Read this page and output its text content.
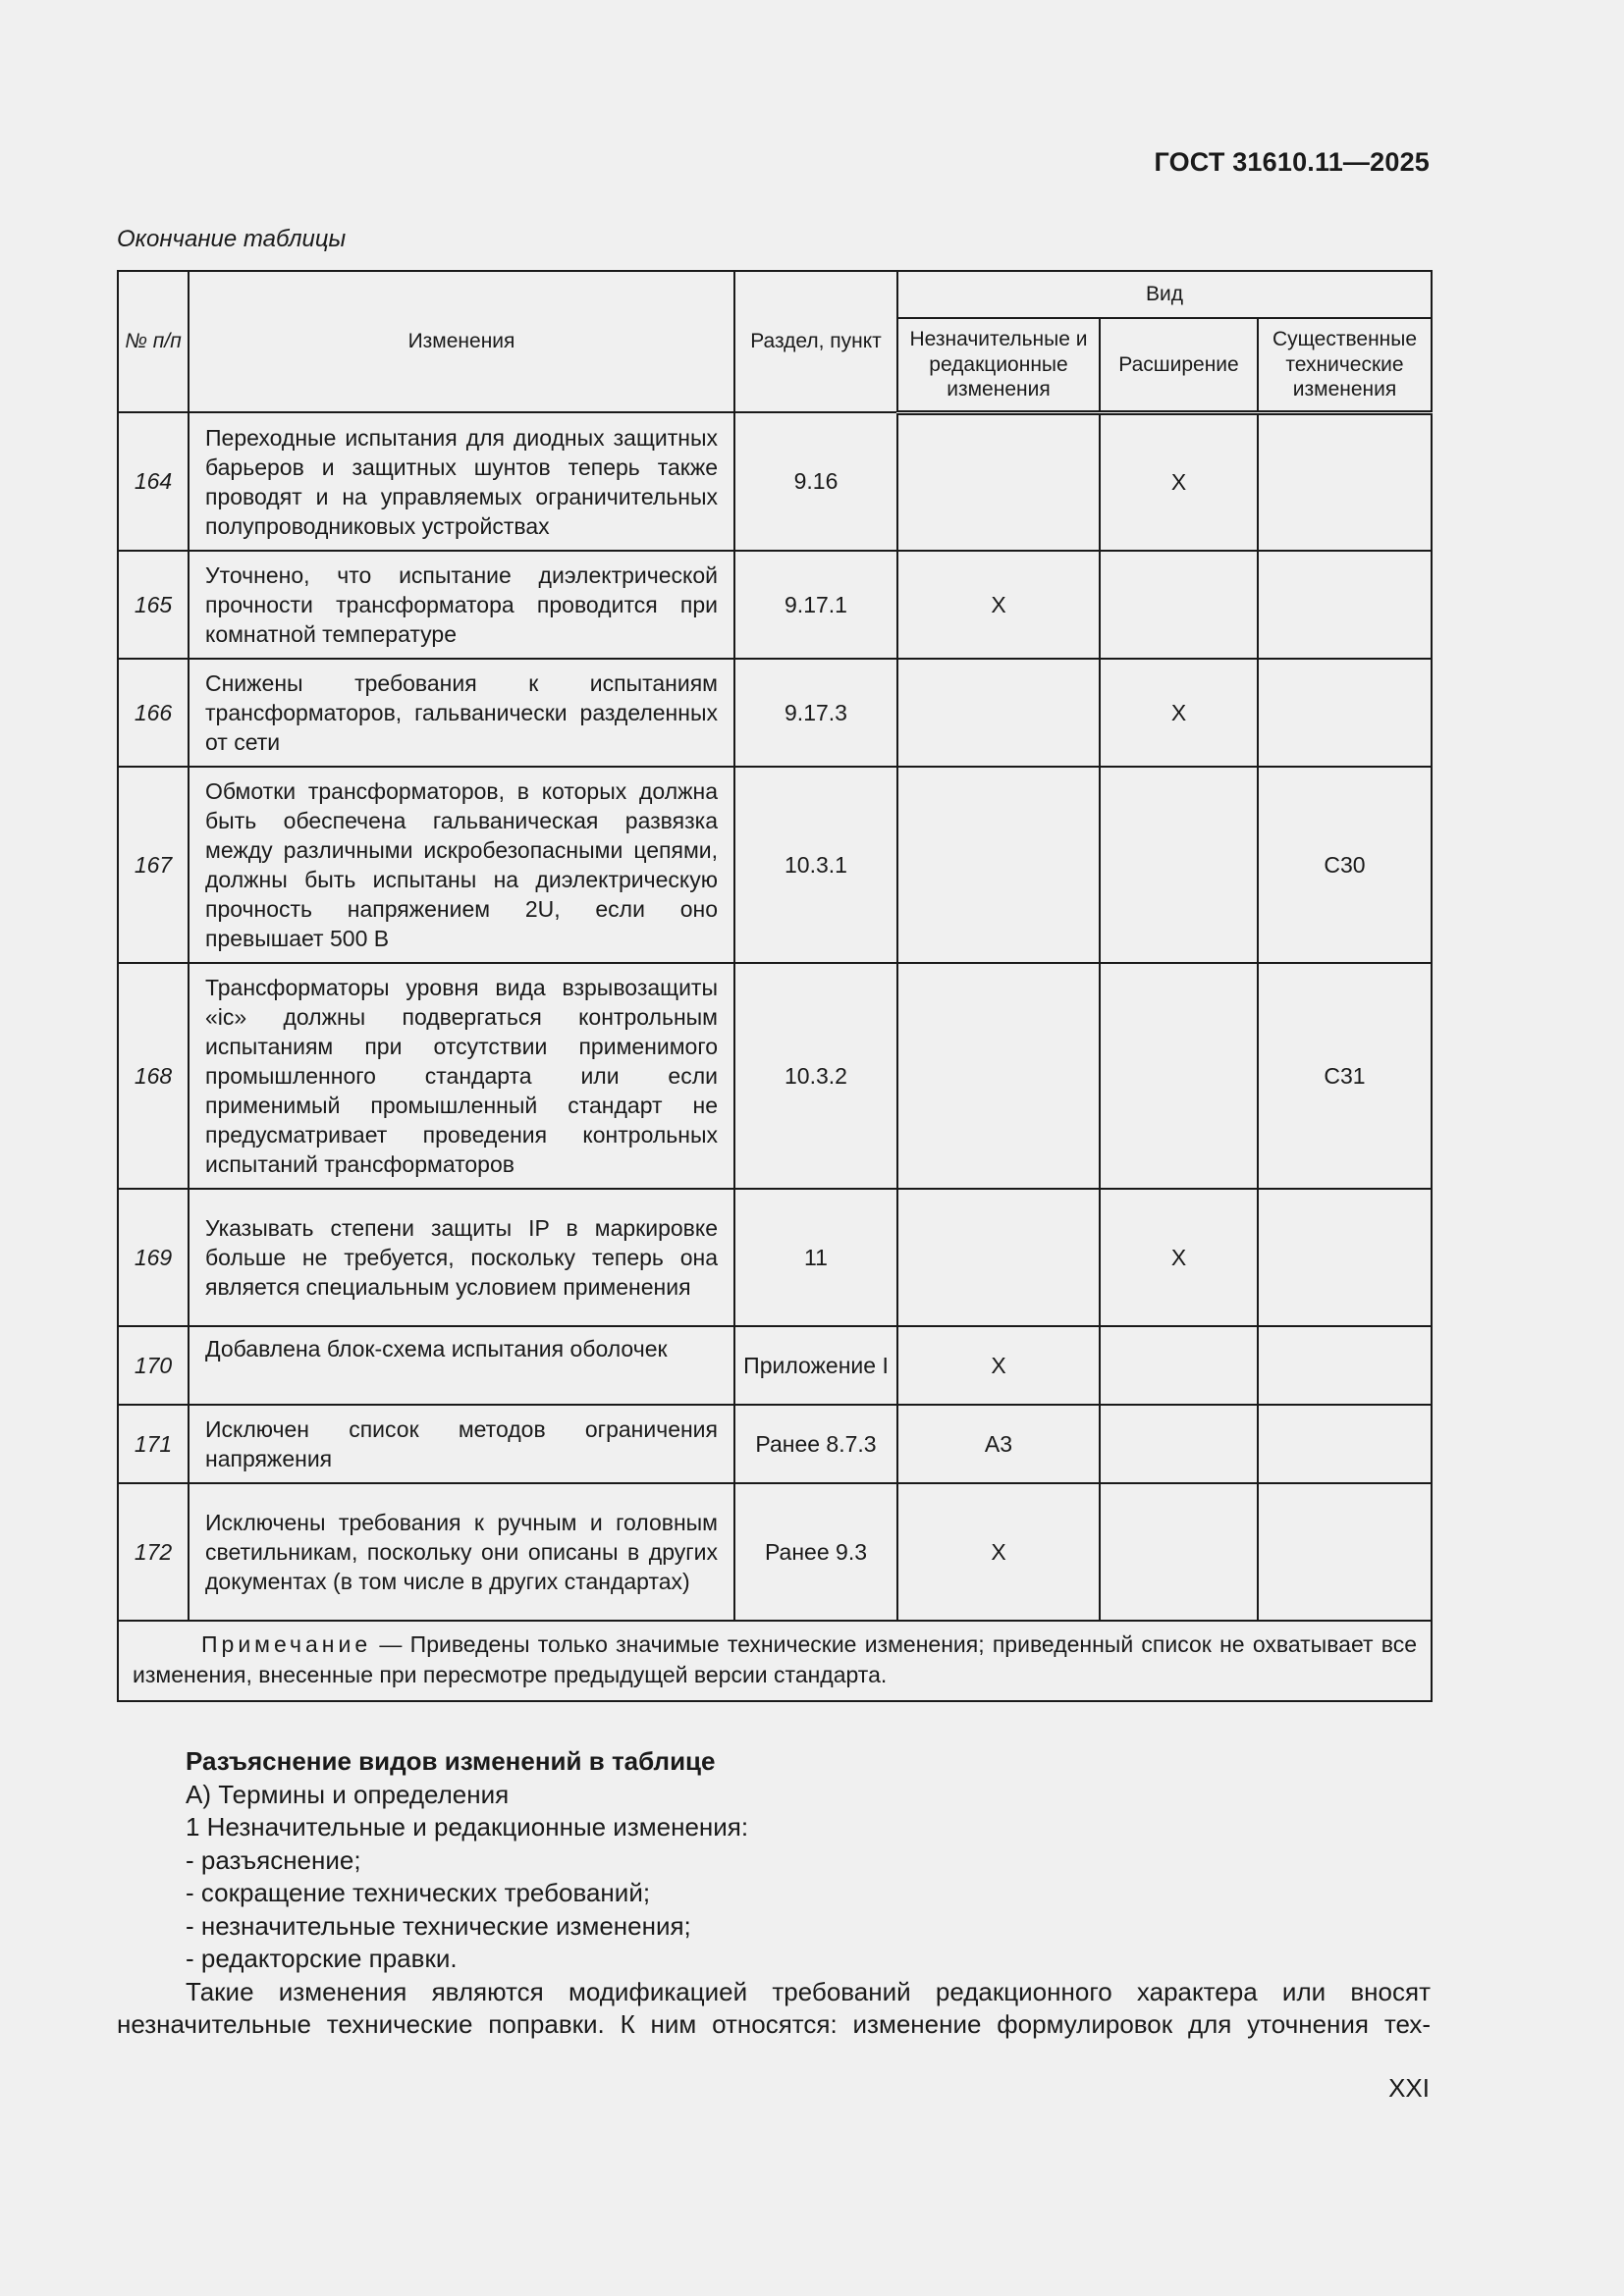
ГОСТ 31610.11—2025
Окончание таблицы
№ п/п	Изменения	Раздел, пункт	Вид		
			Незначительные и редакционные изменения	Расширение	Существенные технические изменения
164	Переходные испытания для диодных защитных барьеров и защитных шунтов теперь также проводят и на управляемых ограничительных полупроводниковых устройствах	9.16		X	
165	Уточнено, что испытание диэлектрической прочности трансформатора проводится при комнатной температуре	9.17.1	X		
166	Снижены требования к испытаниям трансформаторов, гальванически разделенных от сети	9.17.3		X	
167	Обмотки трансформаторов, в которых должна быть обеспечена гальваническая развязка между различными искробезопасными цепями, должны быть испытаны на диэлектрическую прочность напряжением 2U, если оно превышает 500 В	10.3.1			C30
168	Трансформаторы уровня вида взрывозащиты «ic» должны подвергаться контрольным испытаниям при отсутствии применимого промышленного стандарта или если применимый промышленный стандарт не предусматривает проведения контрольных испытаний трансформаторов	10.3.2			C31
169	Указывать степени защиты IP в маркировке больше не требуется, поскольку теперь она является специальным условием применения	11		X	
170	Добавлена блок-схема испытания оболочек	Приложение I	X		
171	Исключен список методов ограничения напряжения	Ранее 8.7.3	A3		
172	Исключены требования к ручным и головным светильникам, поскольку они описаны в других документах (в том числе в других стандартах)	Ранее 9.3	X		
Примечание — Приведены только значимые технические изменения; приведенный список не охватывает все изменения, внесенные при пересмотре предыдущей версии стандарта.					
Разъяснение видов изменений в таблице
А) Термины и определения
1 Незначительные и редакционные изменения:
- разъяснение;
- сокращение технических требований;
- незначительные технические изменения;
- редакторские правки.
Такие изменения являются модификацией требований редакционного характера или вносят незначительные технические поправки. К ним относятся: изменение формулировок для уточнения тех-
XXI
